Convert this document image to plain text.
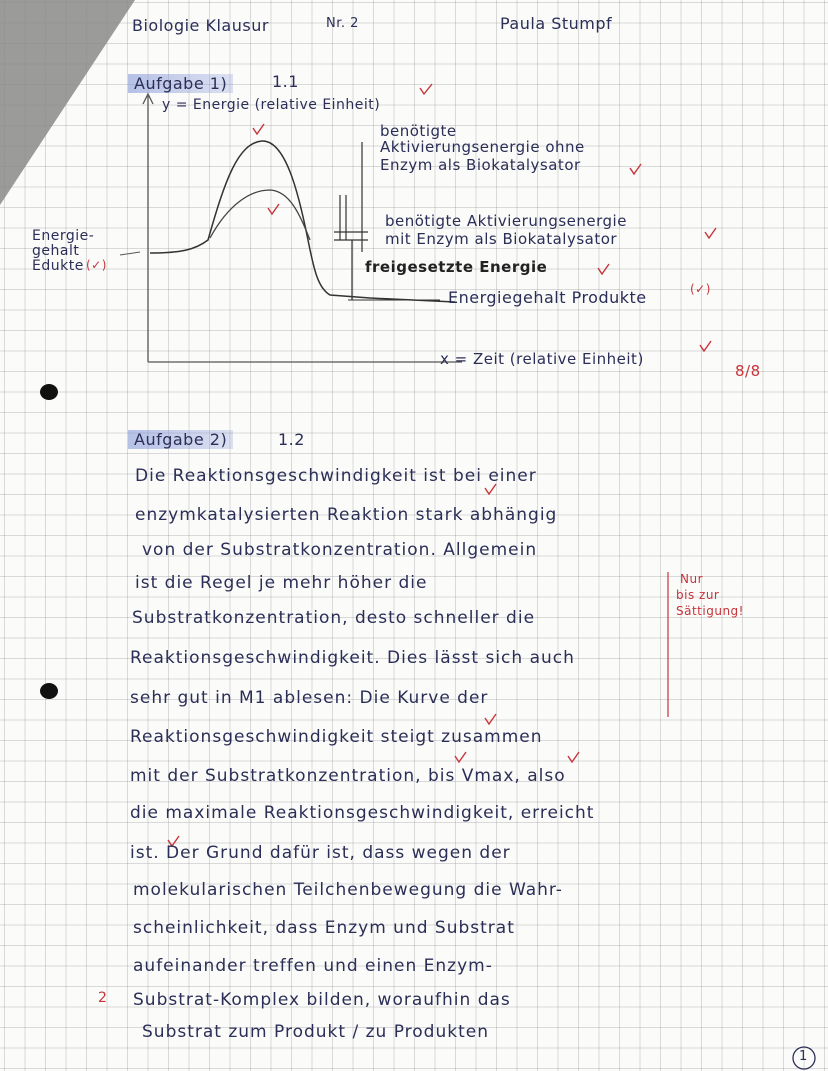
Biologie Klausur	Nr. 2	Paula Stumpf
Aufgabe 1)	1.1
y = Energie (relative Einheit)
Energie-
gehalt
Edukte (✓)
benötigte
Aktivierungsenergie ohne
Enzym als Biokatalysator
benötigte Aktivierungsenergie
mit Enzym als Biokatalysator
freigesetzte Energie
Energiegehalt Produkte	(✓)
x = Zeit (relative Einheit)
8/8
Aufgabe 2)	1.2
2
Die Reaktionsgeschwindigkeit ist bei einer
enzymkatalysierten Reaktion stark abhängig
von der Substratkonzentration. Allgemein
ist die Regel je mehr höher die
Substratkonzentration, desto schneller die
Reaktionsgeschwindigkeit. Dies lässt sich auch
sehr gut in M1 ablesen: Die Kurve der
Reaktionsgeschwindigkeit steigt zusammen
mit der Substratkonzentration, bis Vmax, also
die maximale Reaktionsgeschwindigkeit, erreicht
ist. Der Grund dafür ist, dass wegen der
molekularischen Teilchenbewegung die Wahr-
scheinlichkeit, dass Enzym und Substrat
aufeinander treffen und einen Enzym-
Substrat-Komplex bilden, woraufhin das
Substrat zum Produkt / zu Produkten
Nur
bis zur
Sättigung!
1
